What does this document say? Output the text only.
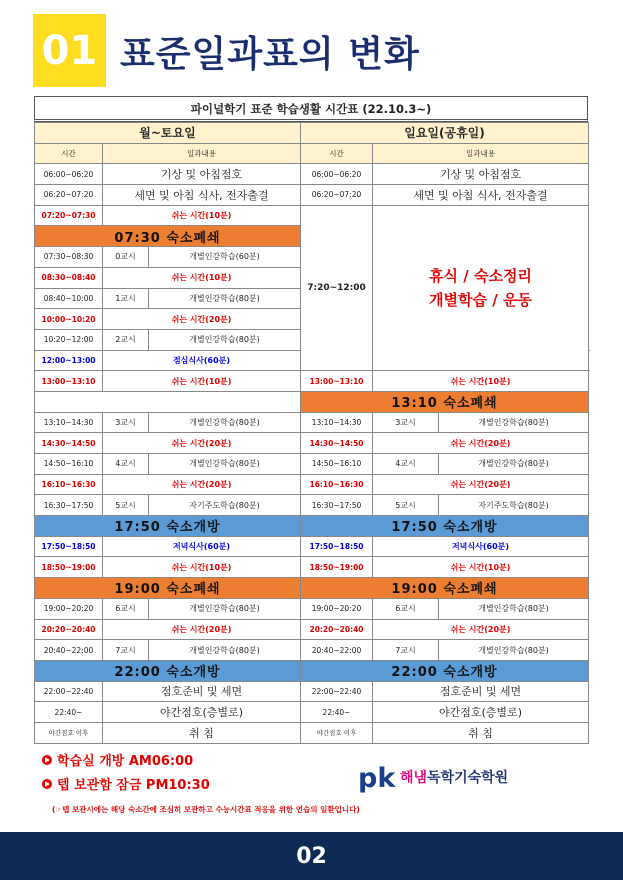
01 표준일과표의 변화
파이널학기 표준 학습생활 시간표 (22.10.3~)
월~토요일			일요일(공휴일)			
시간	일과내용		시간	일과내용		
06:00~06:20	기상 및 아침점호		06:00~06:20	기상 및 아침점호		
06:20~07:20	세면 및 아침 식사, 전자출결		06:20~07:20	세면 및 아침 식사, 전자출결		
07:20~07:30	쉬는 시간(10분)		7:20~12:00	휴식 / 숙소정리
개별학습 / 운동		

07:30 숙소폐쇄						
07:30~08:30	0교시	개별인강학습(60분)				
08:30~08:40	쉬는 시간(10분)					
08:40~10:00	1교시	개별인강학습(80분)				
10:00~10:20	쉬는 시간(20분)					
10:20~12:00	2교시	개별인강학습(80분)				
12:00~13:00	점심식사(60분)		
13:00~13:10	쉬는 시간(10분)		13:00~13:10	쉬는 시간(10분)		
			13:10 숙소폐쇄			
13:10~14:30	3교시	개별인강학습(80분)	13:10~14:30	3교시	개별인강학습(80분)	
14:30~14:50	쉬는 시간(20분)		14:30~14:50	쉬는 시간(20분)		
14:50~16:10	4교시	개별인강학습(80분)	14:50~16:10	4교시	개별인강학습(80분)	
16:10~16:30	쉬는 시간(20분)		16:10~16:30	쉬는 시간(20분)		
16:30~17:50	5교시	자기주도학습(80분)	16:30~17:50	5교시	자기주도학습(80분)	
17:50 숙소개방			17:50 숙소개방			
17:50~18:50	저녁식사(60분)		17:50~18:50	저녁식사(60분)		
18:50~19:00	쉬는 시간(10분)		18:50~19:00	쉬는 시간(10분)		
19:00 숙소폐쇄			19:00 숙소폐쇄			
19:00~20:20	6교시	개별인강학습(80분)	19:00~20:20	6교시	개별인강학습(80분)	
20:20~20:40	쉬는 시간(20분)		20:20~20:40	쉬는 시간(20분)		
20:40~22:00	7교시	개별인강학습(80분)	20:40~22:00	7교시	개별인강학습(80분)	
22:00 숙소개방			22:00 숙소개방			
22:00~22:40	점호준비 및 세면		22:00~22:40	점호준비 및 세면		
22:40~	야간점호(층별로)		22:40~	야간점호(층별로)		
야간점호 이후	취 침		야간점호 이후	취 침		
학습실 개방 AM06:00
텝 보관함 잠금 PM10:30	pk 해냄독학기숙학원
(☞텝 보관시에는 해당 숙소간에 조심히 보관하고 수능시간표 적응을 위한 연습의 일환입니다)
02
